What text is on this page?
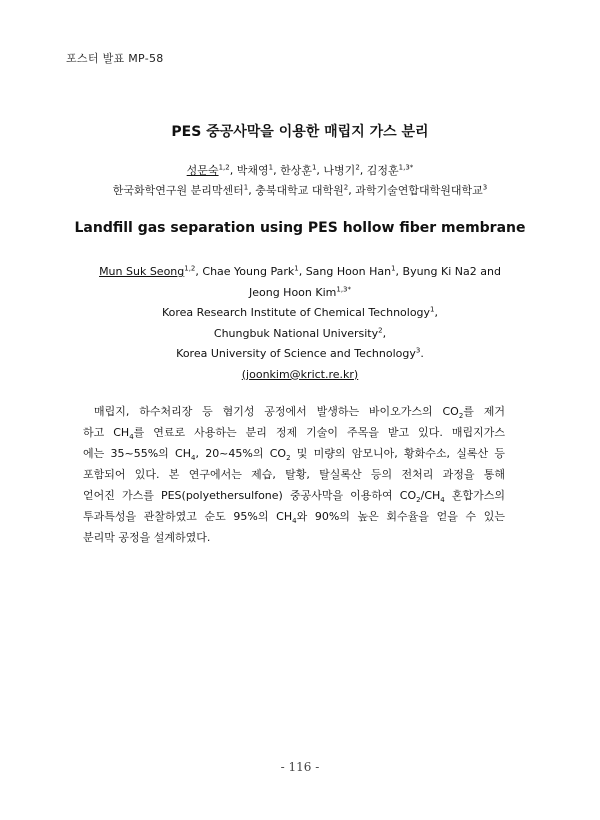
포스터 발표 MP-58
PES 중공사막을 이용한 매립지 가스 분리
성문숙$^{1,2}$, 박채영$^1$, 한상훈$^1$, 나병기$^2$, 김정훈$^{1,3*}$
한국화학연구원 분리막센터$^1$, 충북대학교 대학원$^2$, 과학기술연합대학원대학교$^3$
Landfill gas separation using PES hollow fiber membrane
Mun Suk Seong$^{1,2}$, Chae Young Park$^1$, Sang Hoon Han$^1$, Byung Ki Na2 and
Jeong Hoon Kim$^{1,3*}$
Korea Research Institute of Chemical Technology$^1$,
Chungbuk National University$^2$,
Korea University of Science and Technology$^3$.
(joonkim@krict.re.kr)
매립지, 하수처리장 등 혐기성 공정에서 발생하는 바이오가스의 $CO_2$를 제거
하고 $CH_4$를 연료로 사용하는 분리 정제 기술이 주목을 받고 있다. 매립지가스
에는 35~55%의 $CH_4$, 20~45%의 $CO_2$ 및 미량의 암모니아, 황화수소, 실록산 등
포함되어 있다. 본 연구에서는 제습, 탈황, 탈실록산 등의 전처리 과정을 통해
얻어진 가스를 PES(polyethersulfone) 중공사막을 이용하여 $CO_2/CH_4$ 혼합가스의
투과특성을 관찰하였고 순도 95%의 $CH_4$와 90%의 높은 회수율을 얻을 수 있는
분리막 공정을 설계하였다.
- 116 -
